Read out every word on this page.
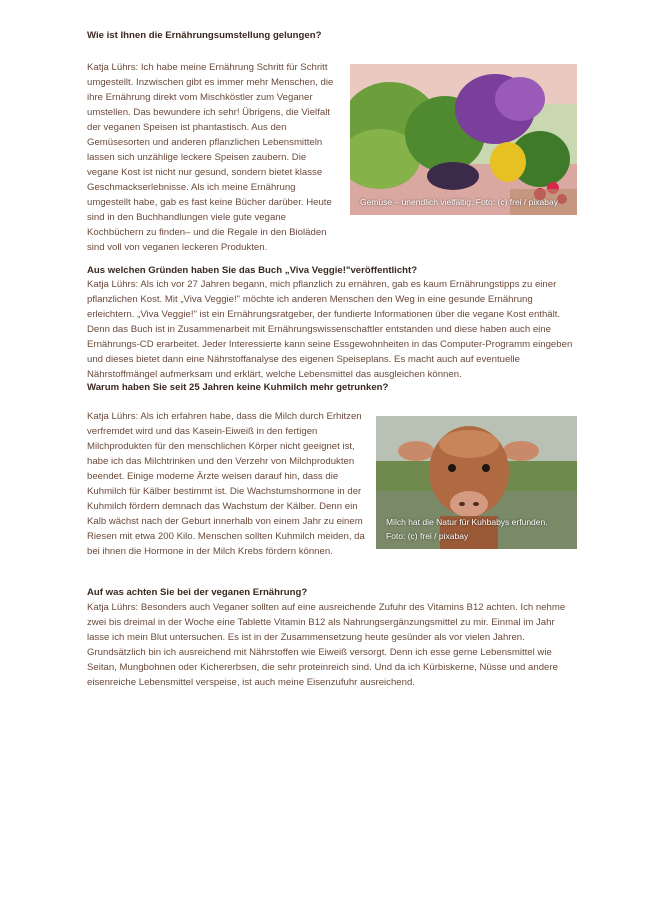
Wie ist Ihnen die Ernährungsumstellung gelungen?

Katja Lührs: Ich habe meine Ernährung Schritt für Schritt umgestellt. Inzwischen gibt es immer mehr Menschen, die ihre Ernährung direkt vom Mischköstler zum Veganer umstellen. Das bewundere ich sehr! Übrigens, die Vielfalt der veganen Speisen ist phantastisch. Aus den Gemüsesorten und anderen pflanzlichen Lebensmitteln lassen sich unzählige leckere Speisen zaubern. Die vegane Kost ist nicht nur gesund, sondern bietet klasse Geschmackserlebnisse. Als ich meine Ernährung umgestellt habe, gab es fast keine Bücher darüber. Heute sind in den Buchhandlungen viele gute vegane Kochbüchern zu finden– und die Regale in den Bioläden sind voll von veganen leckeren Produkten.

Gemüse – unendlich vielfältig. Foto: (c) frei / pixabay
Aus welchen Gründen haben Sie das Buch „Viva Veggie!"veröffentlicht?

Katja Lührs: Als ich vor 27 Jahren begann, mich pflanzlich zu ernähren, gab es kaum Ernährungstipps zu einer pflanzlichen Kost. Mit „Viva Veggie!" möchte ich anderen Menschen den Weg in eine gesunde Ernährung erleichtern. „Viva Veggie!" ist ein Ernährungsratgeber, der fundierte Informationen über die vegane Kost enthält. Denn das Buch ist in Zusammenarbeit mit Ernährungswissenschaftler entstanden und diese haben auch eine Ernährungs-CD erarbeitet. Jeder Interessierte kann seine Essgewohnheiten in das Computer-Programm eingeben und dieses bietet dann eine Nährstoffanalyse des eigenen Speiseplans. Es macht auch auf eventuelle Nährstoffmängel aufmerksam und erklärt, welche Lebensmittel das ausgleichen können.

Warum haben Sie seit 25 Jahren keine Kuhmilch mehr getrunken?

Katja Lührs: Als ich erfahren habe, dass die Milch durch Erhitzen verfremdet wird und das Kasein-Eiweiß in den fertigen Milchprodukten für den menschlichen Körper nicht geeignet ist, habe ich das Milchtrinken und den Verzehr von Milchprodukten beendet. Einige moderne Ärzte weisen darauf hin, dass die Kuhmilch für Kälber bestimmt ist. Die Wachstumshormone in der Kuhmilch fördern demnach das Wachstum der Kälber. Denn ein Kalb wächst nach der Geburt innerhalb von einem Jahr zu einem Riesen mit etwa 200 Kilo. Menschen sollten Kuhmilch meiden, da bei ihnen die Hormone in der Milch Krebs fördern können.

Milch hat die Natur für Kuhbabys erfunden. Foto: (c) frei / pixabay
Auf was achten Sie bei der veganen Ernährung?

Katja Lührs: Besonders auch Veganer sollten auf eine ausreichende Zufuhr des Vitamins B12 achten. Ich nehme zwei bis dreimal in der Woche eine Tablette Vitamin B12 als Nahrungsergänzungsmittel zu mir. Einmal im Jahr lasse ich mein Blut untersuchen. Es ist in der Zusammensetzung heute gesünder als vor vielen Jahren. Grundsätzlich bin ich ausreichend mit Nährstoffen wie Eiweiß versorgt. Denn ich esse gerne Lebensmittel wie Seitan, Mungbohnen oder Kichererbsen, die sehr proteinreich sind. Und da ich Kürbiskerne, Nüsse und andere eisenreiche Lebensmittel verspeise, ist auch meine Eisenzufuhr ausreichend.
